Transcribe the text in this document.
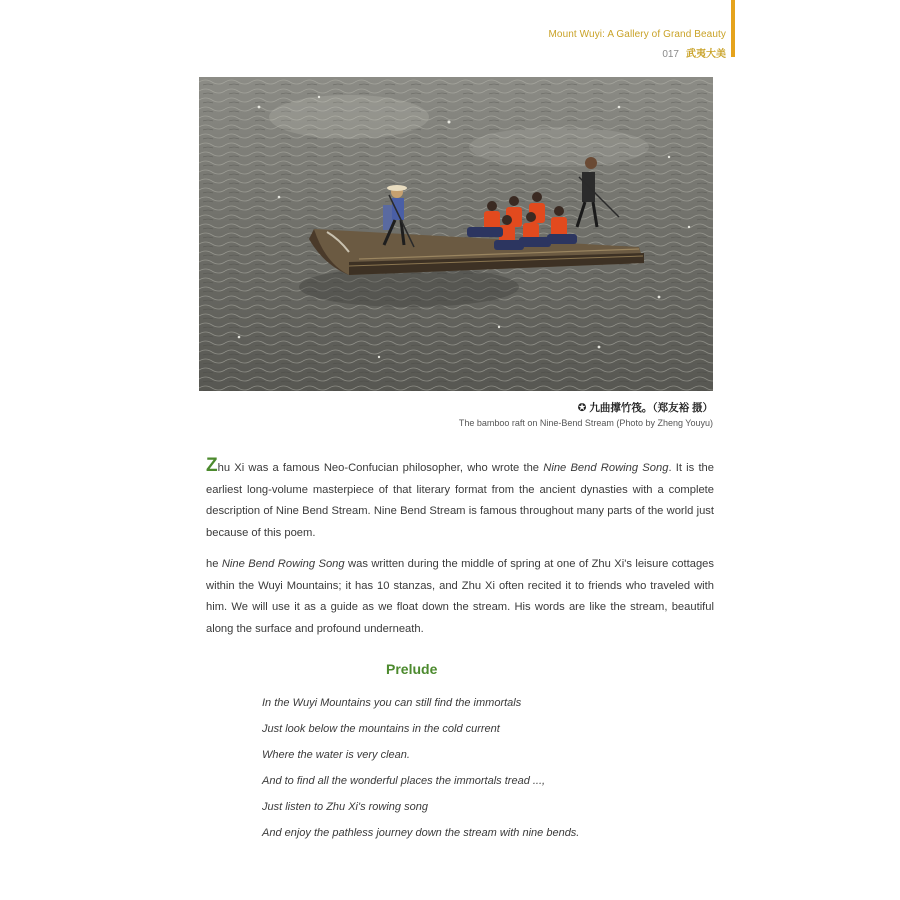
Mount Wuyi: A Gallery of Grand Beauty
017 武夷大美
✪ 九曲撑竹筏。（郑友裕 摄）
The bamboo raft on Nine-Bend Stream (Photo by Zheng Youyu)

Zhu Xi was a famous Neo-Confucian philosopher, who wrote the Nine Bend Rowing Song. It is the earliest long-volume masterpiece of that literary format from the ancient dynasties with a complete description of Nine Bend Stream. Nine Bend Stream is famous throughout many parts of the world just because of this poem.

he Nine Bend Rowing Song was written during the middle of spring at one of Zhu Xi's leisure cottages within the Wuyi Mountains; it has 10 stanzas, and Zhu Xi often recited it to friends who traveled with him. We will use it as a guide as we float down the stream. His words are like the stream, beautiful along the surface and profound underneath.

Prelude
In the Wuyi Mountains you can still find the immortals
Just look below the mountains in the cold current
Where the water is very clean.
And to find all the wonderful places the immortals tread ...,
Just listen to Zhu Xi's rowing song
And enjoy the pathless journey down the stream with nine bends.
